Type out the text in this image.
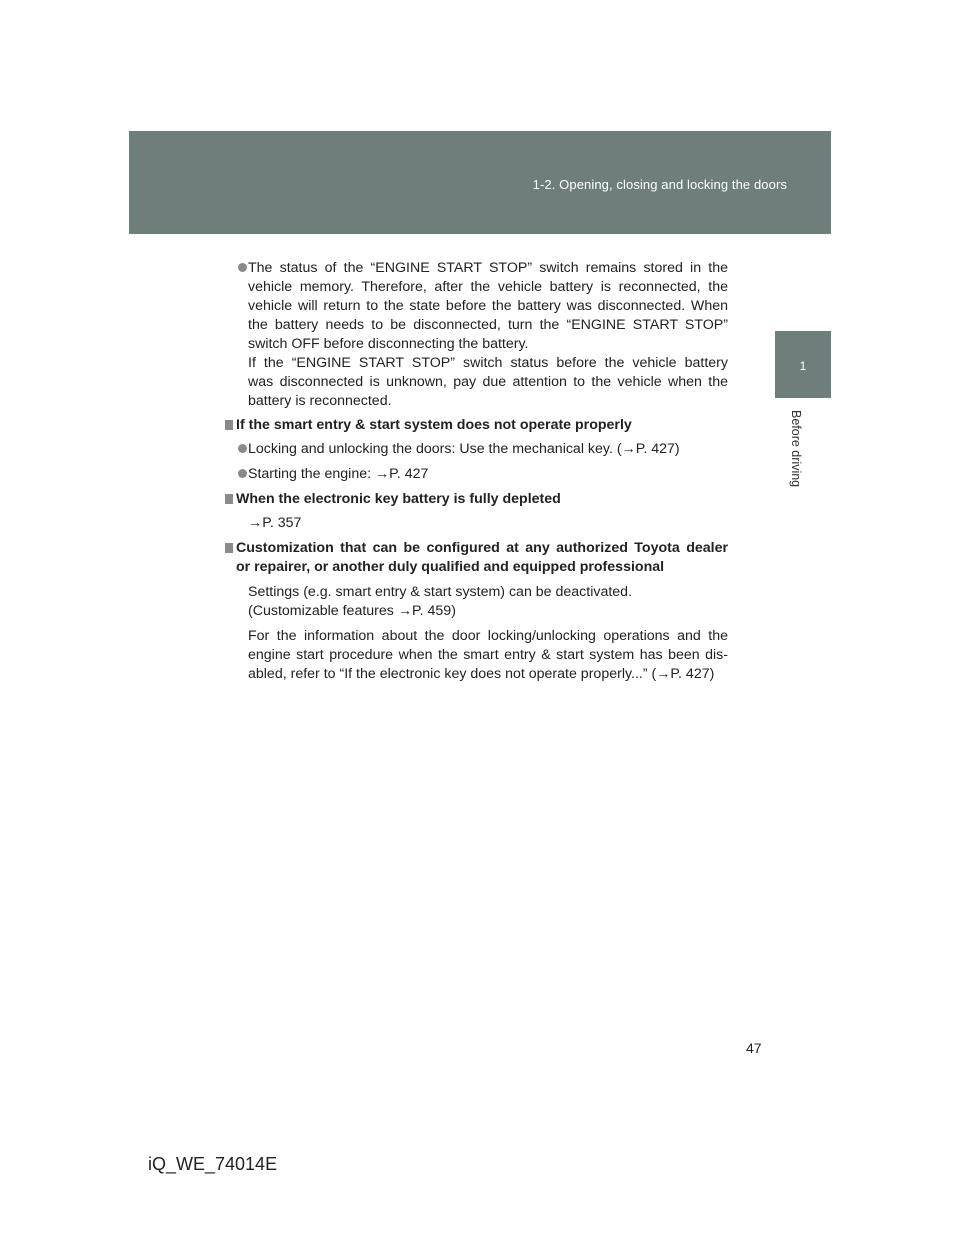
1-2. Opening, closing and locking the doors
1
Before driving
The status of the “ENGINE START STOP” switch remains stored in the
vehicle memory. Therefore, after the vehicle battery is reconnected, the
vehicle will return to the state before the battery was disconnected. When
the battery needs to be disconnected, turn the “ENGINE START STOP”
switch OFF before disconnecting the battery.
If the “ENGINE START STOP” switch status before the vehicle battery
was disconnected is unknown, pay due attention to the vehicle when the
battery is reconnected.
If the smart entry & start system does not operate properly
Locking and unlocking the doors: Use the mechanical key. (→P. 427)
Starting the engine: →P. 427
When the electronic key battery is fully depleted
→P. 357
Customization that can be configured at any authorized Toyota dealer
or repairer, or another duly qualified and equipped professional
Settings (e.g. smart entry & start system) can be deactivated.
(Customizable features →P. 459)
For the information about the door locking/unlocking operations and the
engine start procedure when the smart entry & start system has been dis-
abled, refer to “If the electronic key does not operate properly...” (→P. 427)
47
iQ_WE_74014E
